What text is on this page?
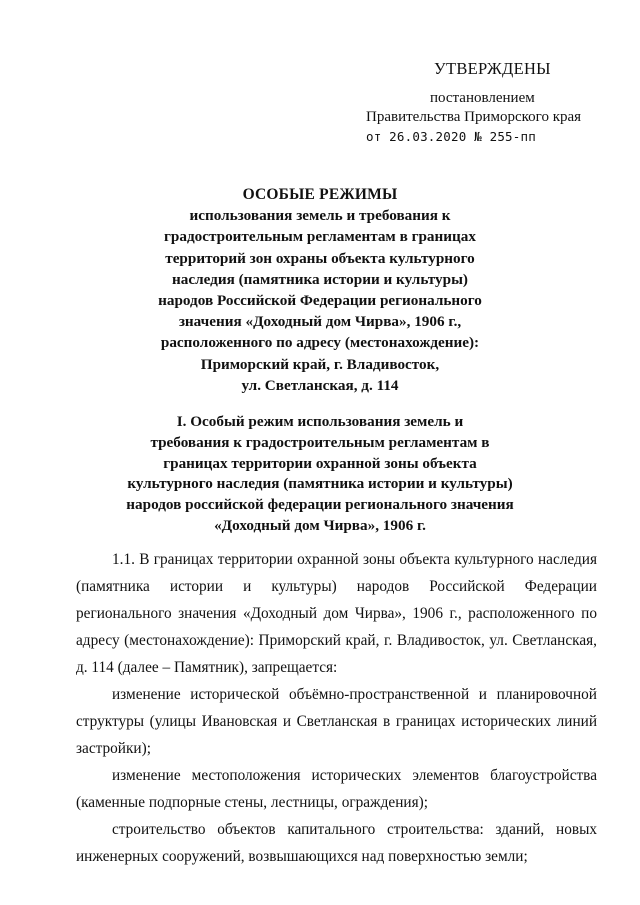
УТВЕРЖДЕНЫ
постановлением
Правительства Приморского края
от 26.03.2020 № 255-пп
ОСОБЫЕ РЕЖИМЫ
использования земель и требования к
градостроительным регламентам в границах
территорий зон охраны объекта культурного
наследия (памятника истории и культуры)
народов Российской Федерации регионального
значения «Доходный дом Чирва», 1906 г.,
расположенного по адресу (местонахождение):
Приморский край, г. Владивосток,
ул. Светланская, д. 114
I. Особый режим использования земель и
требования к градостроительным регламентам в
границах территории охранной зоны объекта
культурного наследия (памятника истории и культуры)
народов российской федерации регионального значения
«Доходный дом Чирва», 1906 г.

1.1. В границах территории охранной зоны объекта культурного наследия (памятника истории и культуры) народов Российской Федерации регионального значения «Доходный дом Чирва», 1906 г., расположенного по адресу (местонахождение): Приморский край, г. Владивосток, ул. Светланская, д. 114 (далее – Памятник), запрещается:

изменение исторической объёмно-пространственной и планировочной структуры (улицы Ивановская и Светланская в границах исторических линий застройки);

изменение местоположения исторических элементов благоустройства (каменные подпорные стены, лестницы, ограждения);

строительство объектов капитального строительства: зданий, новых инженерных сооружений, возвышающихся над поверхностью земли;
